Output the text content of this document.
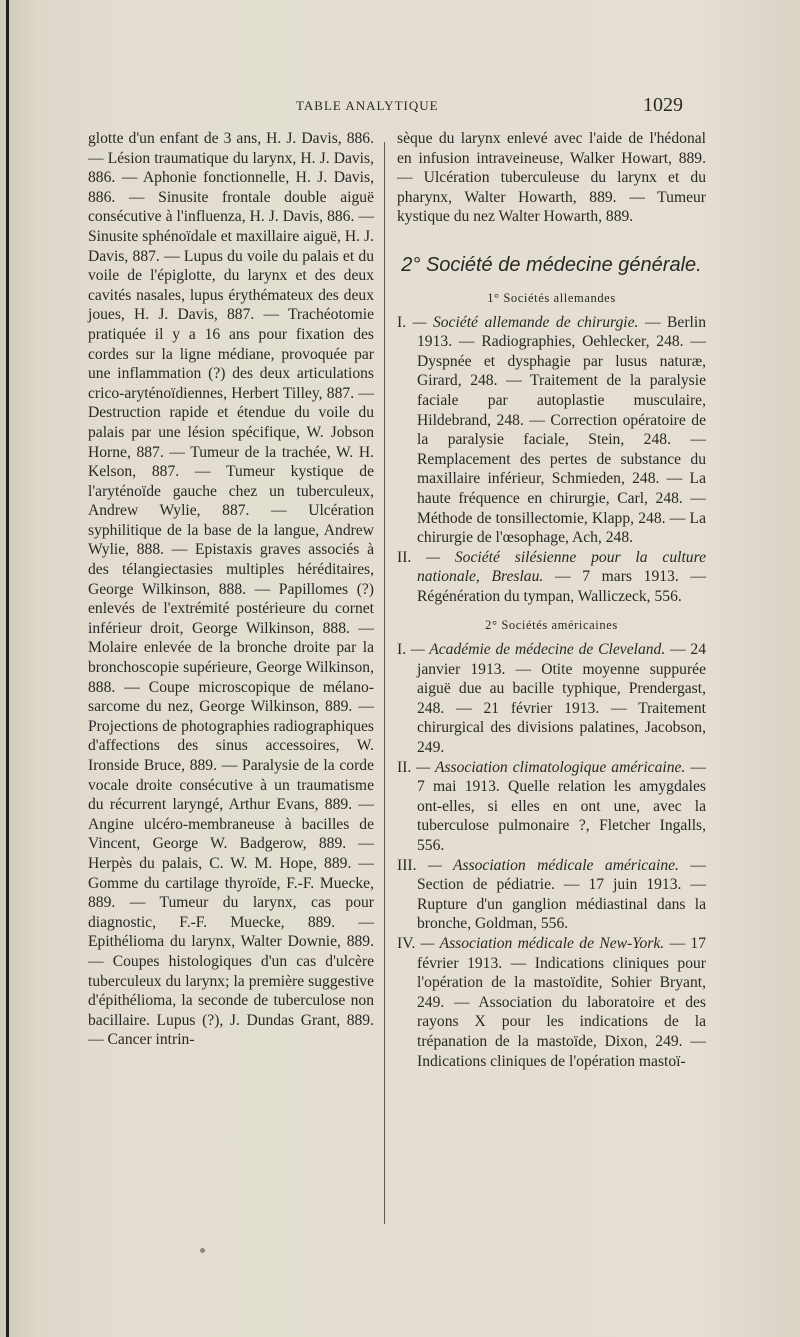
TABLE ANALYTIQUE	1029

glotte d'un enfant de 3 ans, H. J. Davis, 886. — Lésion traumatique du larynx, H. J. Davis, 886. — Aphonie fonctionnelle, H. J. Davis, 886. — Sinusite frontale double aiguë consécutive à l'influenza, H. J. Davis, 886. — Sinusite sphénoïdale et maxillaire aiguë, H. J. Davis, 887. — Lupus du voile du palais et du voile de l'épiglotte, du larynx et des deux cavités nasales, lupus érythémateux des deux joues, H. J. Davis, 887. — Trachéotomie pratiquée il y a 16 ans pour fixation des cordes sur la ligne médiane, provoquée par une inflammation (?) des deux articulations crico-aryténoïdiennes, Herbert Tilley, 887. — Destruction rapide et étendue du voile du palais par une lésion spécifique, W. Jobson Horne, 887. — Tumeur de la trachée, W. H. Kelson, 887. — Tumeur kystique de l'aryténoïde gauche chez un tuberculeux, Andrew Wylie, 887. — Ulcération syphilitique de la base de la langue, Andrew Wylie, 888. — Epistaxis graves associés à des télangiectasies multiples héréditaires, George Wilkinson, 888. — Papillomes (?) enlevés de l'extrémité postérieure du cornet inférieur droit, George Wilkinson, 888. — Molaire enlevée de la bronche droite par la bronchoscopie supérieure, George Wilkinson, 888. — Coupe microscopique de mélano-sarcome du nez, George Wilkinson, 889. — Projections de photographies radiographiques d'affections des sinus accessoires, W. Ironside Bruce, 889. — Paralysie de la corde vocale droite consécutive à un traumatisme du récurrent laryngé, Arthur Evans, 889. — Angine ulcéro-membraneuse à bacilles de Vincent, George W. Badgerow, 889. — Herpès du palais, C. W. M. Hope, 889. — Gomme du cartilage thyroïde, F.-F. Muecke, 889. — Tumeur du larynx, cas pour diagnostic, F.-F. Muecke, 889. — Epithélioma du larynx, Walter Downie, 889. — Coupes histologiques d'un cas d'ulcère tuberculeux du larynx; la première suggestive d'épithélioma, la seconde de tuberculose non bacillaire. Lupus (?), J. Dundas Grant, 889. — Cancer intrin-

sèque du larynx enlevé avec l'aide de l'hédonal en infusion intraveineuse, Walker Howart, 889. — Ulcération tuberculeuse du larynx et du pharynx, Walter Howarth, 889. — Tumeur kystique du nez Walter Howarth, 889.

2° Société de médecine générale.
1° Sociétés allemandes

I. — Société allemande de chirurgie. — Berlin 1913. — Radiographies, Oehlecker, 248. — Dyspnée et dysphagie par lusus naturæ, Girard, 248. — Traitement de la paralysie faciale par autoplastie musculaire, Hildebrand, 248. — Correction opératoire de la paralysie faciale, Stein, 248. — Remplacement des pertes de substance du maxillaire inférieur, Schmieden, 248. — La haute fréquence en chirurgie, Carl, 248. — Méthode de tonsillectomie, Klapp, 248. — La chirurgie de l'œsophage, Ach, 248.

II. — Société silésienne pour la culture nationale, Breslau. — 7 mars 1913. — Régénération du tympan, Walliczeck, 556.

2° Sociétés américaines

I. — Académie de médecine de Cleveland. — 24 janvier 1913. — Otite moyenne suppurée aiguë due au bacille typhique, Prendergast, 248. — 21 février 1913. — Traitement chirurgical des divisions palatines, Jacobson, 249.

II. — Association climatologique américaine. — 7 mai 1913. Quelle relation les amygdales ont-elles, si elles en ont une, avec la tuberculose pulmonaire ?, Fletcher Ingalls, 556.

III. — Association médicale américaine. — Section de pédiatrie. — 17 juin 1913. — Rupture d'un ganglion médiastinal dans la bronche, Goldman, 556.

IV. — Association médicale de New-York. — 17 février 1913. — Indications cliniques pour l'opération de la mastoïdite, Sohier Bryant, 249. — Association du laboratoire et des rayons X pour les indications de la trépanation de la mastoïde, Dixon, 249. — Indications cliniques de l'opération mastoï-
